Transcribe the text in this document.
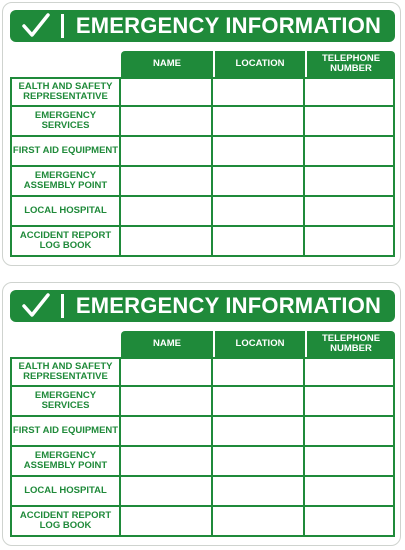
EMERGENCY INFORMATION
	NAME	LOCATION	TELEPHONE NUMBER
EALTH AND SAFETY REPRESENTATIVE			
EMERGENCY SERVICES			
FIRST AID EQUIPMENT			
EMERGENCY ASSEMBLY POINT			
LOCAL HOSPITAL			
ACCIDENT REPORT LOG BOOK			
EMERGENCY INFORMATION
	NAME	LOCATION	TELEPHONE NUMBER
EALTH AND SAFETY REPRESENTATIVE			
EMERGENCY SERVICES			
FIRST AID EQUIPMENT			
EMERGENCY ASSEMBLY POINT			
LOCAL HOSPITAL			
ACCIDENT REPORT LOG BOOK			
